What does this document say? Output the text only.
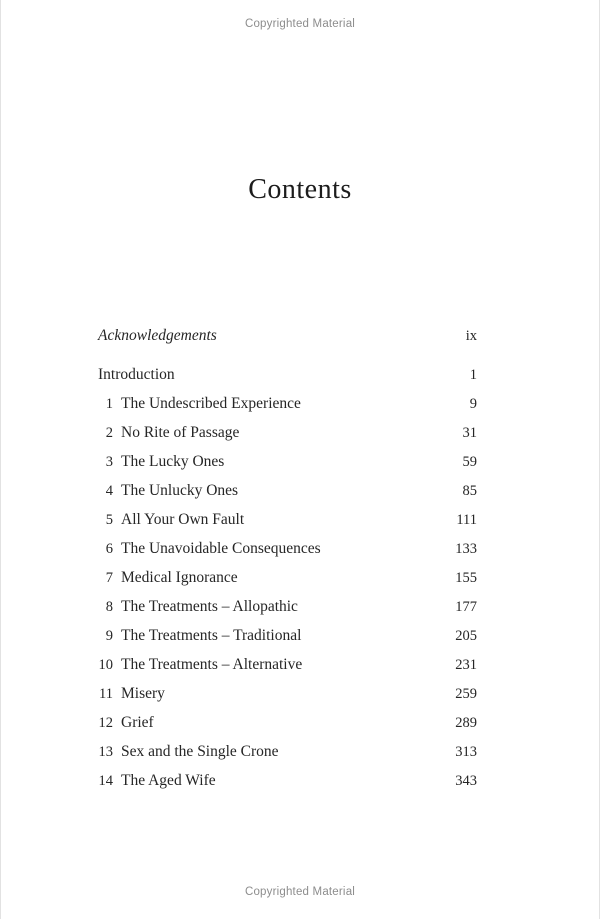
Copyrighted Material
Contents
Acknowledgements	ix
Introduction	1
1 The Undescribed Experience	9
2 No Rite of Passage	31
3 The Lucky Ones	59
4 The Unlucky Ones	85
5 All Your Own Fault	111
6 The Unavoidable Consequences	133
7 Medical Ignorance	155
8 The Treatments – Allopathic	177
9 The Treatments – Traditional	205
10 The Treatments – Alternative	231
11 Misery	259
12 Grief	289
13 Sex and the Single Crone	313
14 The Aged Wife	343
Copyrighted Material
